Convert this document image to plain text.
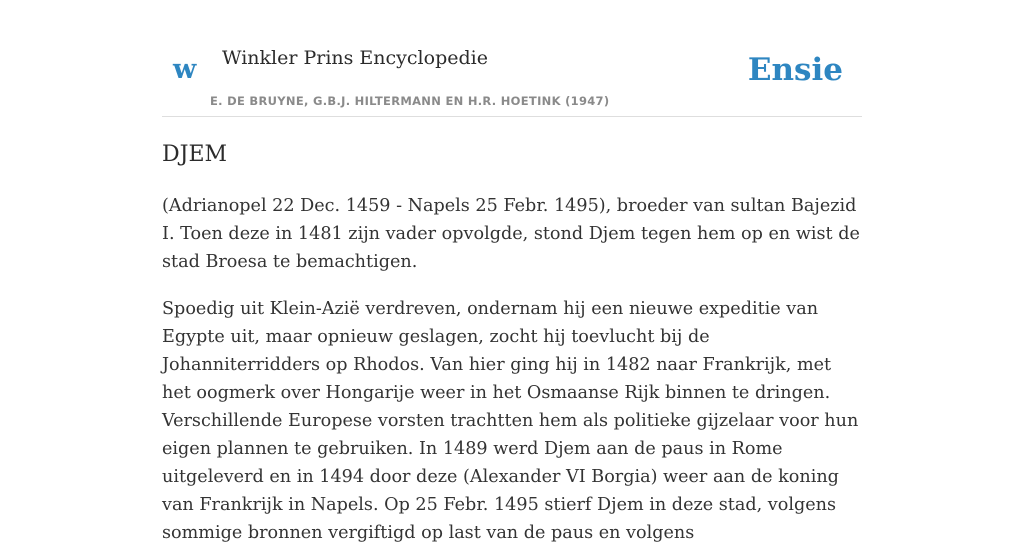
w Winkler Prins Encyclopedie	Ensie
E. DE BRUYNE, G.B.J. HILTERMANN EN H.R. HOETINK (1947)
DJEM

(Adrianopel 22 Dec. 1459 - Napels 25 Febr. 1495), broeder van sultan Bajezid I. Toen deze in 1481 zijn vader opvolgde, stond Djem tegen hem op en wist de stad Broesa te bemachtigen.

Spoedig uit Klein-Azië verdreven, ondernam hij een nieuwe expeditie van Egypte uit, maar opnieuw geslagen, zocht hij toevlucht bij de Johanniterridders op Rhodos. Van hier ging hij in 1482 naar Frankrijk, met het oogmerk over Hongarije weer in het Osmaanse Rijk binnen te dringen. Verschillende Europese vorsten trachtten hem als politieke gijzelaar voor hun eigen plannen te gebruiken. In 1489 werd Djem aan de paus in Rome uitgeleverd en in 1494 door deze (Alexander VI Borgia) weer aan de koning van Frankrijk in Napels. Op 25 Febr. 1495 stierf Djem in deze stad, volgens sommige bronnen vergiftigd op last van de paus en volgens
